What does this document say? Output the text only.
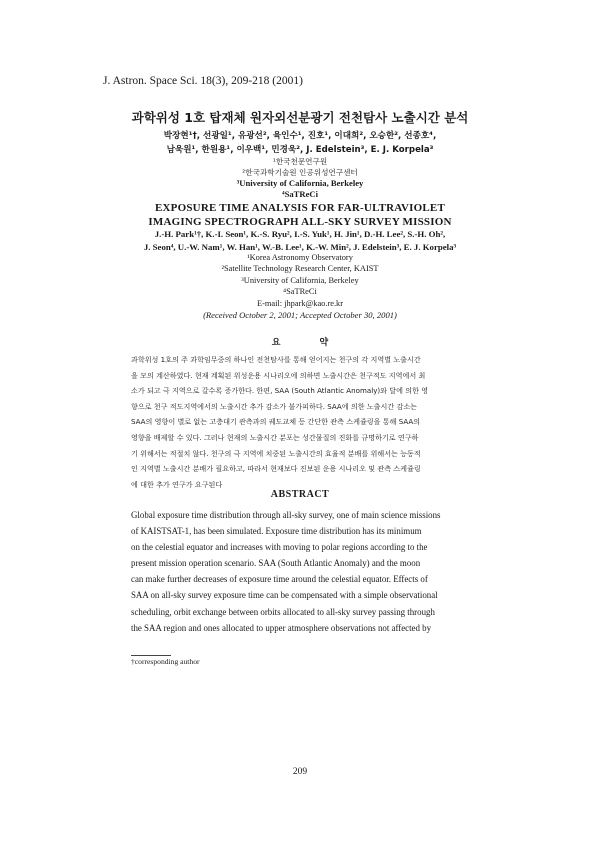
J. Astron. Space Sci. 18(3), 209-218 (2001)
과학위성 1호 탑재체 원자외선분광기 전천탐사 노출시간 분석
박장현¹†, 선광일¹, 유광선², 육인수¹, 진호¹, 이대희², 오승한², 선종호⁴,
남욱원¹, 한원용¹, 이우백¹, 민경욱², J. Edelstein³, E. J. Korpela³
¹한국천문연구원
²한국과학기술원 인공위성연구센터
³University of California, Berkeley
⁴SaTReCi
EXPOSURE TIME ANALYSIS FOR FAR-ULTRAVIOLET
IMAGING SPECTROGRAPH ALL-SKY SURVEY MISSION
J.-H. Park¹†, K.-I. Seon¹, K.-S. Ryu², I.-S. Yuk¹, H. Jin¹, D.-H. Lee², S.-H. Oh²,
J. Seon⁴, U.-W. Nam¹, W. Han¹, W.-B. Lee¹, K.-W. Min², J. Edelstein³, E. J. Korpela³
¹Korea Astronomy Observatory
²Satellite Technology Research Center, KAIST
³University of California, Berkeley
⁴SaTReCi
E-mail: jhpark@kao.re.kr
(Received October 2, 2001; Accepted October 30, 2001)
요 약

과학위성 1호의 주 과학임무중의 하나인 전천탐사를 통해 얻어지는 천구의 각 지역별 노출시간

을 모의 계산하였다. 현재 계획된 위성운용 시나리오에 의하면 노출시간은 천구적도 지역에서 최

소가 되고 극 지역으로 갈수록 증가한다. 한편, SAA (South Atlantic Anomaly)와 달에 의한 영

향으로 천구 적도지역에서의 노출시간 추가 감소가 불가피하다. SAA에 의한 노출시간 감소는

SAA의 영향이 별로 없는 고층대기 관측과의 궤도교체 등 간단한 관측 스케쥴링을 통해 SAA의

영향을 배제할 수 있다. 그러나 현재의 노출시간 분포는 성간물질의 진화를 규명하기로 연구하

기 위해서는 적절치 않다. 천구의 극 지역에 치중된 노출시간의 효율적 분배를 위해서는 능동적

인 지역별 노출시간 분배가 필요하고, 따라서 현재보다 진보된 운용 시나리오 및 관측 스케쥴링

에 대한 추가 연구가 요구된다

ABSTRACT

Global exposure time distribution through all-sky survey, one of main science missions

of KAISTSAT-1, has been simulated. Exposure time distribution has its minimum

on the celestial equator and increases with moving to polar regions according to the

present mission operation scenario. SAA (South Atlantic Anomaly) and the moon

can make further decreases of exposure time around the celestial equator. Effects of

SAA on all-sky survey exposure time can be compensated with a simple observational

scheduling, orbit exchange between orbits allocated to all-sky survey passing through

the SAA region and ones allocated to upper atmosphere observations not affected by

†corresponding author
209
